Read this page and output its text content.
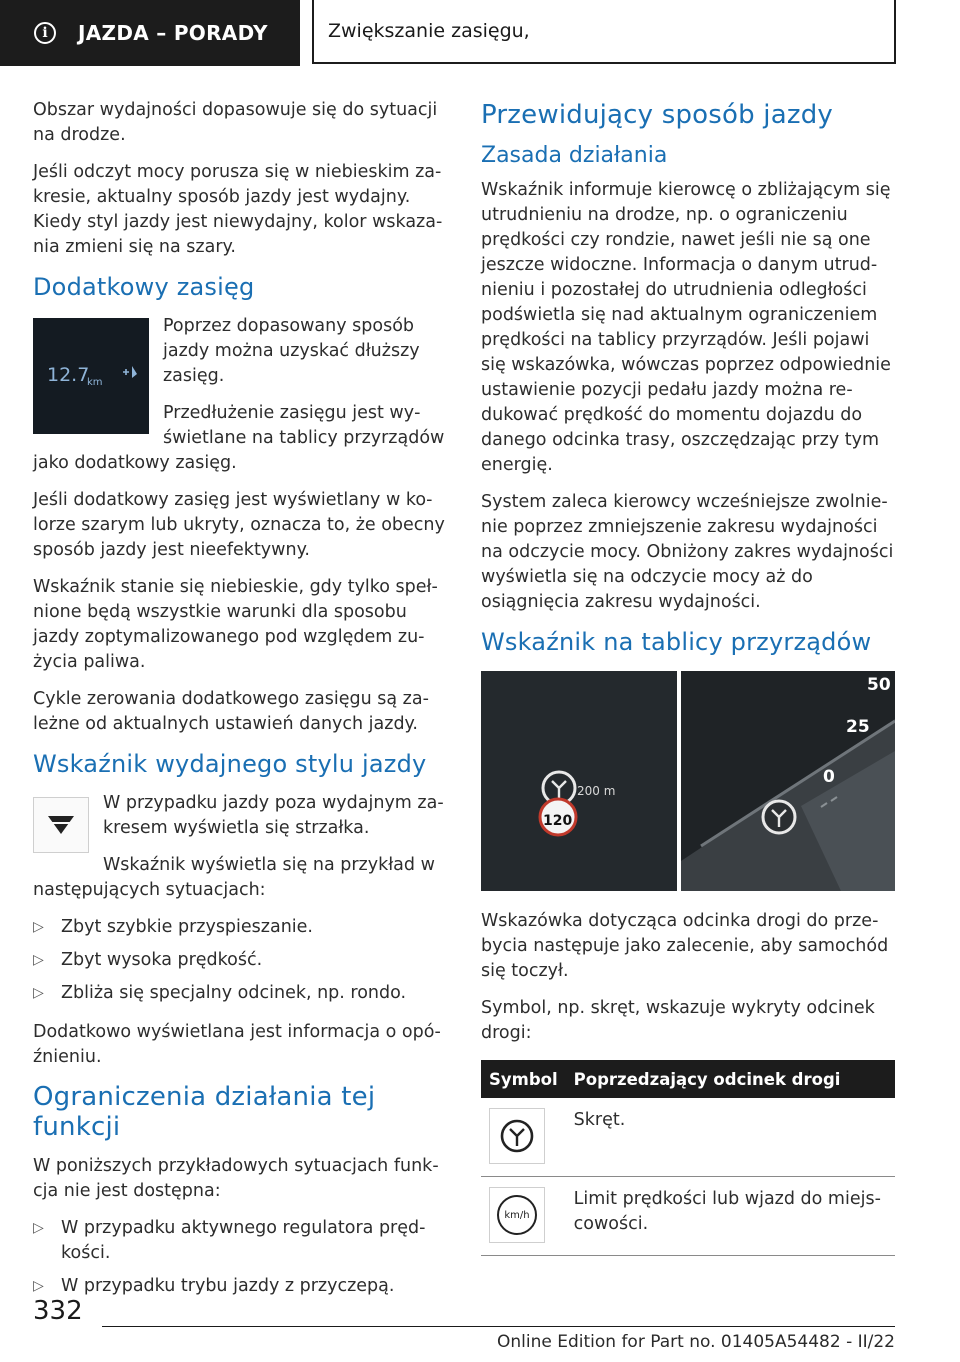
i	JAZDA – PORADY	Zwiększanie zasięgu,

Obszar wydajności dopasowuje się do sytuacji na drodze.

Jeśli odczyt mocy porusza się w niebieskim zakresie, aktualny sposób jazdy jest wydajny. Kiedy styl jazdy jest niewydajny, kolor wskazania zmieni się na szary.

Dodatkowy zasięg
12.7
km

Poprzez dopasowany sposób jazdy można uzyskać dłuższy zasięg.

Przedłużenie zasięgu jest wyświetlane na tablicy przyrządów jako dodatkowy zasięg.

Jeśli dodatkowy zasięg jest wyświetlany w kolorze szarym lub ukryty, oznacza to, że obecny sposób jazdy jest nieefektywny.

Wskaźnik stanie się niebieskie, gdy tylko spełnione będą wszystkie warunki dla sposobu jazdy zoptymalizowanego pod względem zużycia paliwa.

Cykle zerowania dodatkowego zasięgu są zależne od aktualnych ustawień danych jazdy.

Wskaźnik wydajnego stylu jazdy

W przypadku jazdy poza wydajnym zakresem wyświetla się strzałka.

Wskaźnik wyświetla się na przykład w następujących sytuacjach:

▷ Zbyt szybkie przyspieszanie.
▷ Zbyt wysoka prędkość.
▷ Zbliża się specjalny odcinek, np. rondo.

Dodatkowo wyświetlana jest informacja o opóźnieniu.

Ograniczenia działania tej funkcji

W poniższych przykładowych sytuacjach funkcja nie jest dostępna:

▷ W przypadku aktywnego regulatora prędkości.
▷ W przypadku trybu jazdy z przyczepą.
Przewidujący sposób jazdy
Zasada działania

Wskaźnik informuje kierowcę o zbliżającym się utrudnieniu na drodze, np. o ograniczeniu prędkości czy rondzie, nawet jeśli nie są one jeszcze widoczne. Informacja o danym utrudnieniu i pozostałej do utrudnienia odległości podświetla się nad aktualnym ograniczeniem prędkości na tablicy przyrządów. Jeśli pojawi się wskazówka, wówczas poprzez odpowiednie ustawienie pozycji pedału jazdy można redukować prędkość do momentu dojazdu do danego odcinka trasy, oszczędzając przy tym energię.

System zaleca kierowcy wcześniejsze zwolnienie poprzez zmniejszenie zakresu wydajności na odczycie mocy. Obniżony zakres wydajności wyświetla się na odczycie mocy aż do osiągnięcia zakresu wydajności.

Wskaźnik na tablicy przyrządów
200 m
120
50
25
0

Wskazówka dotycząca odcinka drogi do przebycia następuje jako zalecenie, aby samochód się toczył.

Symbol, np. skręt, wskazuje wykryty odcinek drogi:

Symbol	Poprzedzający odcinek drogi

	Skręt.

km/h	Limit prędkości lub wjazd do miejscowości.
332
Online Edition for Part no. 01405A54482 - II/22
